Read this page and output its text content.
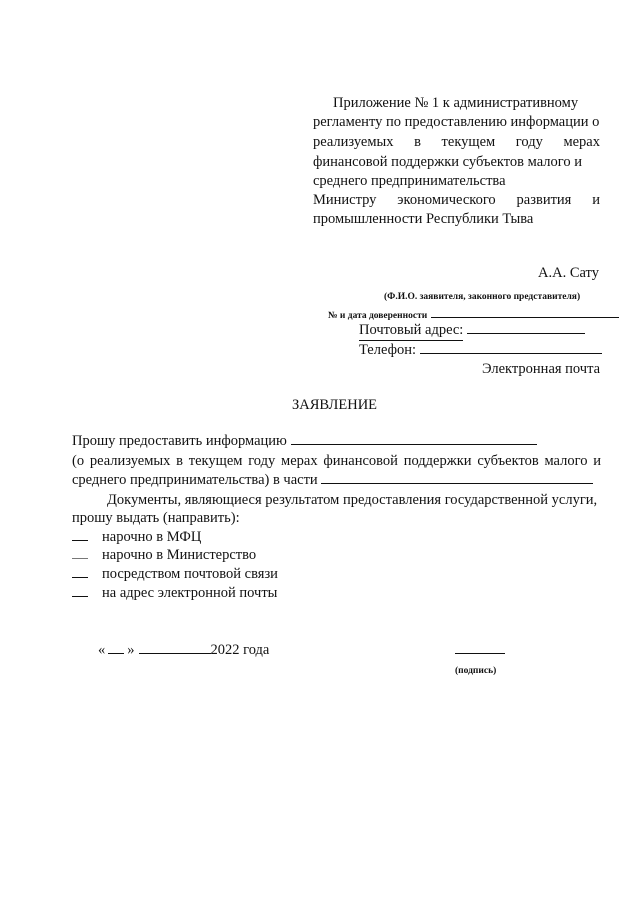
Приложение № 1 к административному
регламенту по предоставлению информации о
реализуемых в текущем году мерах
финансовой поддержки субъектов малого и
среднего предпринимательства
Министру экономического развития и
промышленности Республики Тыва
А.А. Сату
(Ф.И.О. заявителя, законного представителя)
№ и дата доверенности
Почтовый адрес:
Телефон:
Электронная почта
ЗАЯВЛЕНИЕ
Прошу предоставить информацию
(о реализуемых в текущем году мерах финансовой поддержки субъектов малого и
среднего предпринимательства) в части
Документы, являющиеся результатом предоставления государственной услуги,
прошу выдать (направить):
нарочно в МФЦ
нарочно в Министерство
посредством почтовой связи
на адрес электронной почты
« »	2022 года
(подпись)
